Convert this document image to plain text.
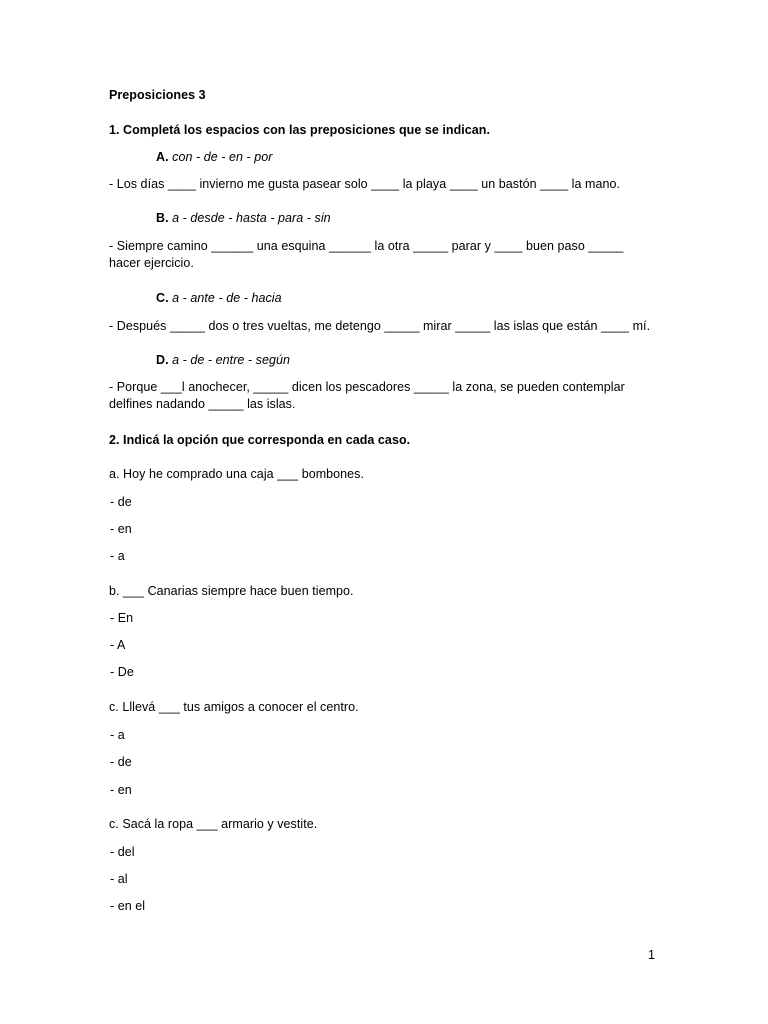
Preposiciones 3
1. Completá los espacios con las preposiciones que se indican.
A. con - de - en - por
- Los días ____ invierno me gusta pasear solo ____ la playa ____ un bastón ____ la mano.
B. a - desde - hasta - para - sin
- Siempre camino ______ una esquina ______ la otra _____ parar y ____ buen paso _____ hacer ejercicio.
C. a - ante - de - hacia
- Después _____ dos o tres vueltas, me detengo _____ mirar _____ las islas que están ____ mí.
D. a - de - entre - según
- Porque ___l anochecer, _____ dicen los pescadores _____ la zona, se pueden contemplar delfines nadando _____ las islas.
2. Indicá la opción que corresponda en cada caso.
a. Hoy he comprado una caja ___ bombones.
- de
- en
- a
b. ___ Canarias siempre hace buen tiempo.
- En
- A
- De
c. Lllevá ___ tus amigos a conocer el centro.
- a
- de
- en
c. Sacá la ropa ___ armario y vestite.
- del
- al
- en el
1
